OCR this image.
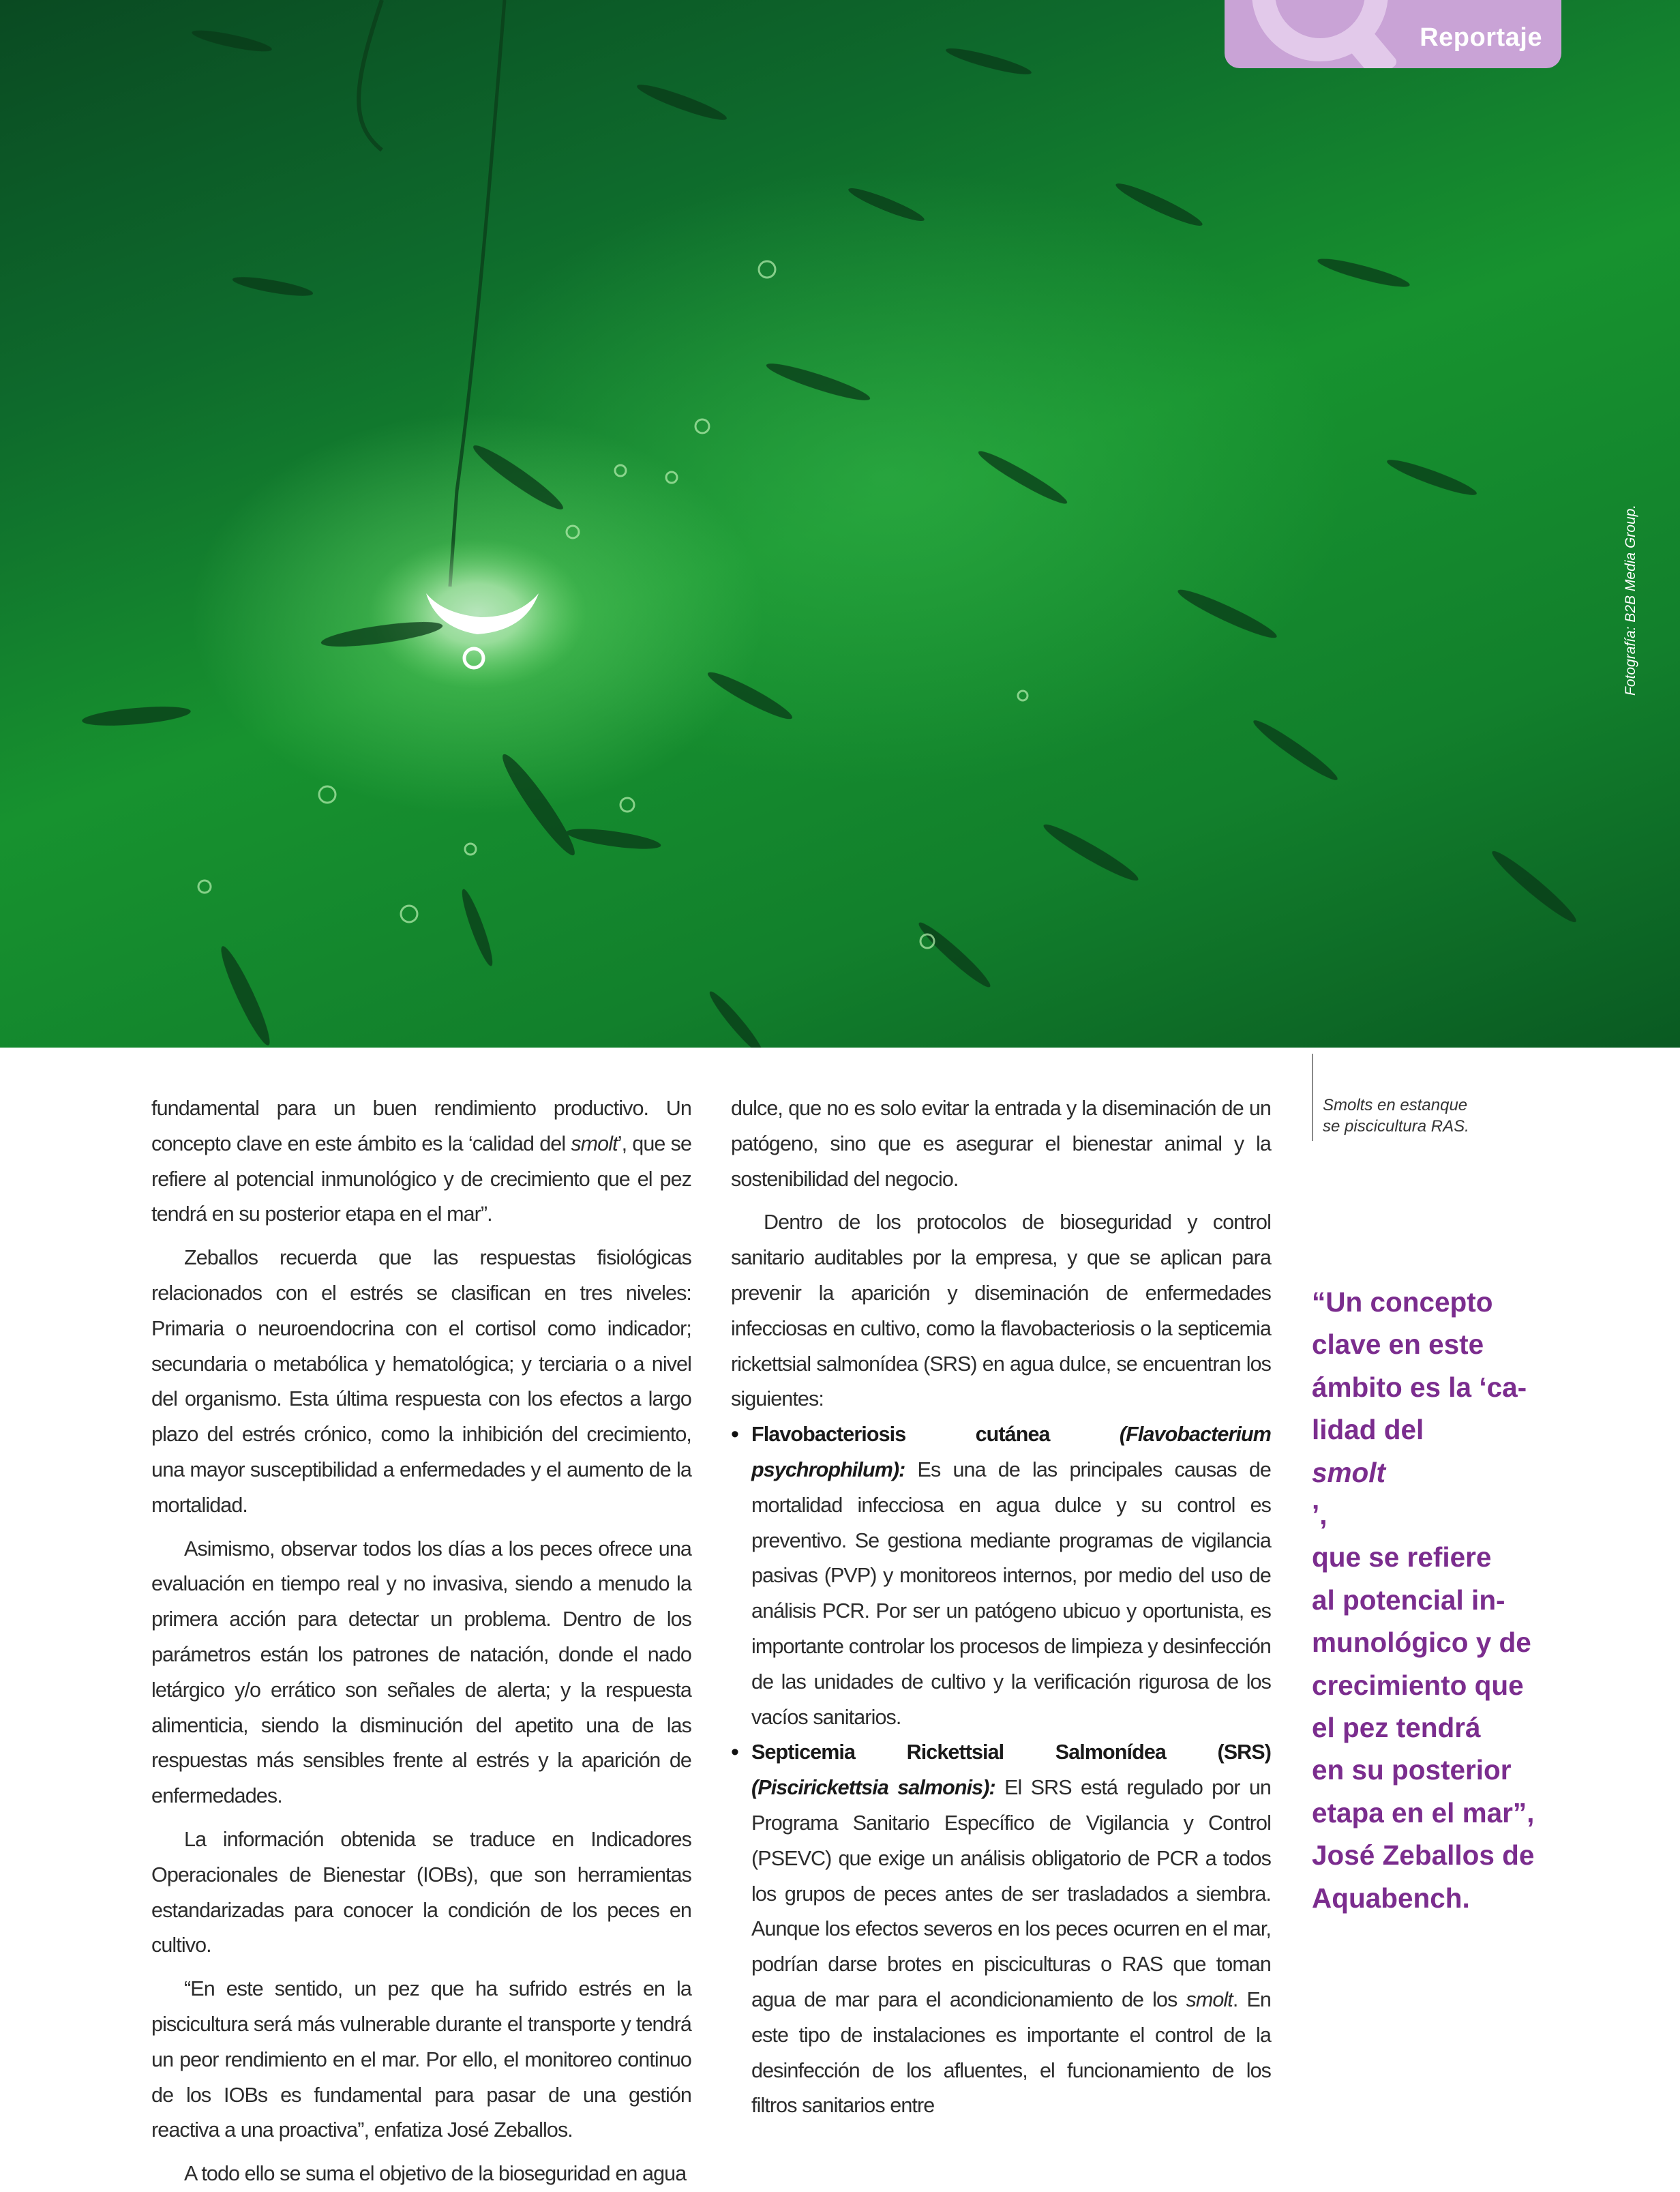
Reportaje
Fotografía: B2B Media Group.

fundamental para un buen rendimiento productivo. Un concepto clave en este ámbito es la ‘calidad del smolt’, que se refiere al potencial inmunológico y de crecimiento que el pez tendrá en su posterior etapa en el mar”.

Zeballos recuerda que las respuestas fisiológicas relacionados con el estrés se clasifican en tres niveles: Primaria o neuroendocrina con el cortisol como indicador; secundaria o metabólica y hematológica; y terciaria o a nivel del organismo. Esta última respuesta con los efectos a largo plazo del estrés crónico, como la inhibición del crecimiento, una mayor susceptibilidad a enfermedades y el aumento de la mortalidad.

Asimismo, observar todos los días a los peces ofrece una evaluación en tiempo real y no invasiva, siendo a menudo la primera acción para detectar un problema. Dentro de los parámetros están los patrones de natación, donde el nado letárgico y/o errático son señales de alerta; y la respuesta alimenticia, siendo la disminución del apetito una de las respuestas más sensibles frente al estrés y la aparición de enfermedades.

La información obtenida se traduce en Indicadores Operacionales de Bienestar (IOBs), que son herramientas estandarizadas para conocer la condición de los peces en cultivo.

“En este sentido, un pez que ha sufrido estrés en la piscicultura será más vulnerable durante el transporte y tendrá un peor rendimiento en el mar. Por ello, el monitoreo continuo de los IOBs es fundamental para pasar de una gestión reactiva a una proactiva”, enfatiza José Zeballos.

A todo ello se suma el objetivo de la bioseguridad en agua

dulce, que no es solo evitar la entrada y la diseminación de un patógeno, sino que es asegurar el bienestar animal y la sostenibilidad del negocio.

Dentro de los protocolos de bioseguridad y control sanitario auditables por la empresa, y que se aplican para prevenir la aparición y diseminación de enfermedades infecciosas en cultivo, como la flavobacteriosis o la septicemia rickettsial salmonídea (SRS) en agua dulce, se encuentran los siguientes:

• Flavobacteriosis cutánea (Flavobacterium psychrophilum): Es una de las principales causas de mortalidad infecciosa en agua dulce y su control es preventivo. Se gestiona mediante programas de vigilancia pasivas (PVP) y monitoreos internos, por medio del uso de análisis PCR. Por ser un patógeno ubicuo y oportunista, es importante controlar los procesos de limpieza y desinfección de las unidades de cultivo y la verificación rigurosa de los vacíos sanitarios.
• Septicemia Rickettsial Salmonídea (SRS) (Piscirickettsia salmonis): El SRS está regulado por un Programa Sanitario Específico de Vigilancia y Control (PSEVC) que exige un análisis obligatorio de PCR a todos los grupos de peces antes de ser trasladados a siembra. Aunque los efectos severos en los peces ocurren en el mar, podrían darse brotes en pisciculturas o RAS que toman agua de mar para el acondicionamiento de los smolt. En este tipo de instalaciones es importante el control de la desinfección de los afluentes, el funcionamiento de los filtros sanitarios entre
Smolts en estanque
se piscicultura RAS.
“Un concepto
clave en este
ámbito es la ‘ca-
lidad del
smolt
’,
que se refiere
al potencial in-
munológico y de
crecimiento que
el pez tendrá
en su posterior
etapa en el mar”,
José Zeballos de
Aquabench.
